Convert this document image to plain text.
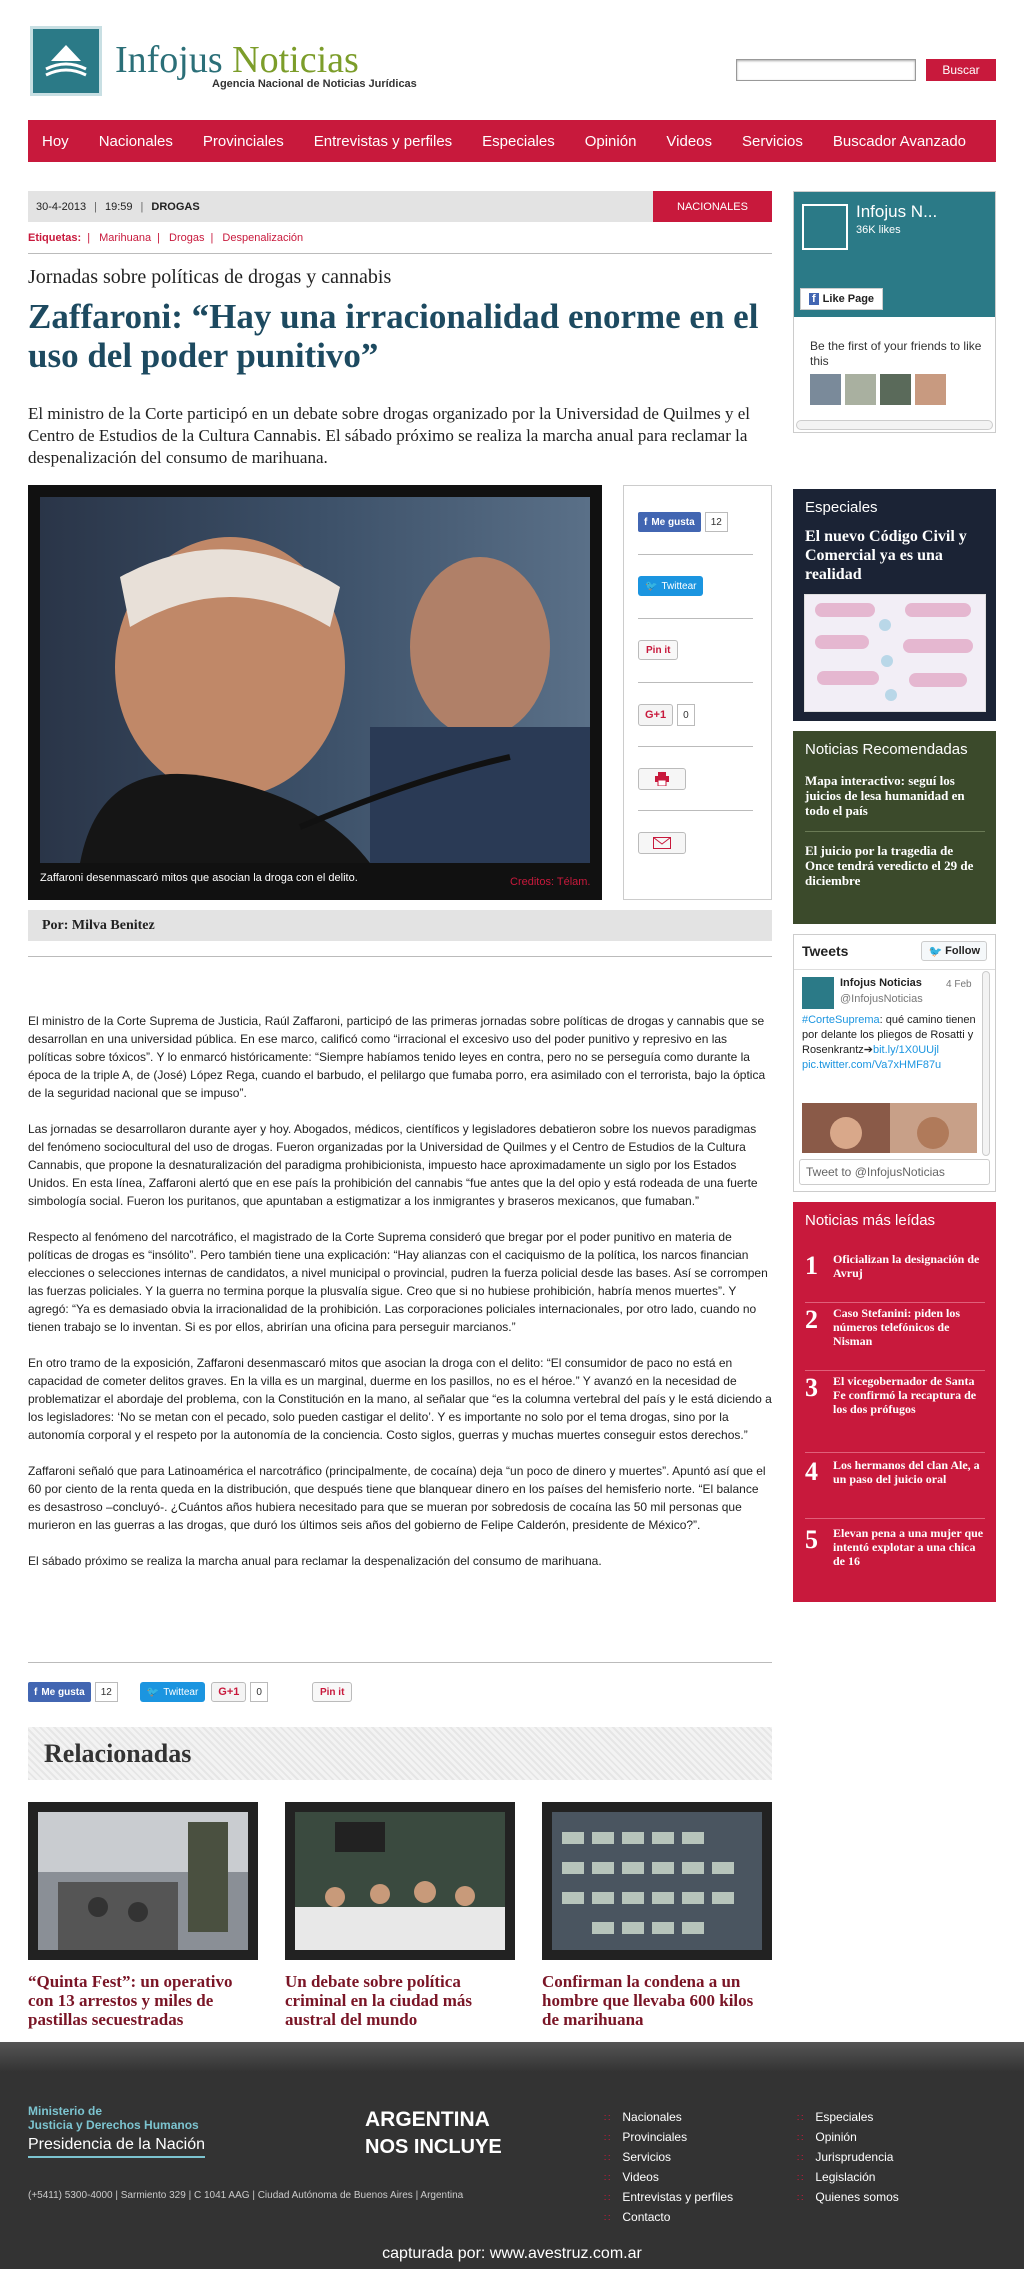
Infojus Noticias
Agencia Nacional de Noticias Jurídicas
Buscar
Hoy Nacionales Provinciales Entrevistas y perfiles Especiales Opinión Videos Servicios Buscador Avanzado
30-4-2013 | 19:59 | DROGAS	NACIONALES
Etiquetas: | Marihuana | Drogas | Despenalización
Jornadas sobre políticas de drogas y cannabis
Zaffaroni: “Hay una irracionalidad enorme en el uso del poder punitivo”
El ministro de la Corte participó en un debate sobre drogas organizado por la Universidad de Quilmes y el Centro de Estudios de la Cultura Cannabis. El sábado próximo se realiza la marcha anual para reclamar la despenalización del consumo de marihuana.
Zaffaroni desenmascaró mitos que asocian la droga con el delito.	Creditos: Télam.
f Me gusta	12
🐦 Twittear
Pin it
G+1	0
Por: Milva Benitez

El ministro de la Corte Suprema de Justicia, Raúl Zaffaroni, participó de las primeras jornadas sobre políticas de drogas y cannabis que se desarrollan en una universidad pública. En ese marco, calificó como “irracional el excesivo uso del poder punitivo y represivo en las políticas sobre tóxicos”. Y lo enmarcó históricamente: “Siempre habíamos tenido leyes en contra, pero no se perseguía como durante la época de la triple A, de (José) López Rega, cuando el barbudo, el pelilargo que fumaba porro, era asimilado con el terrorista, bajo la óptica de la seguridad nacional que se impuso”.

Las jornadas se desarrollaron durante ayer y hoy. Abogados, médicos, científicos y legisladores debatieron sobre los nuevos paradigmas del fenómeno sociocultural del uso de drogas. Fueron organizadas por la Universidad de Quilmes y el Centro de Estudios de la Cultura Cannabis, que propone la desnaturalización del paradigma prohibicionista, impuesto hace aproximadamente un siglo por los Estados Unidos. En esta línea, Zaffaroni alertó que en ese país la prohibición del cannabis “fue antes que la del opio y está rodeada de una fuerte simbología social. Fueron los puritanos, que apuntaban a estigmatizar a los inmigrantes y braseros mexicanos, que fumaban.”

Respecto al fenómeno del narcotráfico, el magistrado de la Corte Suprema consideró que bregar por el poder punitivo en materia de políticas de drogas es “insólito”. Pero también tiene una explicación: “Hay alianzas con el caciquismo de la política, los narcos financian elecciones o selecciones internas de candidatos, a nivel municipal o provincial, pudren la fuerza policial desde las bases. Así se corrompen las fuerzas policiales. Y la guerra no termina porque la plusvalía sigue. Creo que si no hubiese prohibición, habría menos muertes”. Y agregó: “Ya es demasiado obvia la irracionalidad de la prohibición. Las corporaciones policiales internacionales, por otro lado, cuando no tienen trabajo se lo inventan. Si es por ellos, abrirían una oficina para perseguir marcianos.”

En otro tramo de la exposición, Zaffaroni desenmascaró mitos que asocian la droga con el delito: “El consumidor de paco no está en capacidad de cometer delitos graves. En la villa es un marginal, duerme en los pasillos, no es el héroe.” Y avanzó en la necesidad de problematizar el abordaje del problema, con la Constitución en la mano, al señalar que “es la columna vertebral del país y le está diciendo a los legisladores: ‘No se metan con el pecado, solo pueden castigar el delito’. Y es importante no solo por el tema drogas, sino por la autonomía corporal y el respeto por la autonomía de la conciencia. Costo siglos, guerras y muchas muertes conseguir estos derechos.”

Zaffaroni señaló que para Latinoamérica el narcotráfico (principalmente, de cocaína) deja “un poco de dinero y muertes”. Apuntó así que el 60 por ciento de la renta queda en la distribución, que después tiene que blanquear dinero en los países del hemisferio norte. “El balance es desastroso –concluyó-. ¿Cuántos años hubiera necesitado para que se mueran por sobredosis de cocaína las 50 mil personas que murieron en las guerras a las drogas, que duró los últimos seis años del gobierno de Felipe Calderón, presidente de México?”.

El sábado próximo se realiza la marcha anual para reclamar la despenalización del consumo de marihuana.

f Me gusta	12	🐦 Twittear	G+1	0	Pin it
Relacionadas
“Quinta Fest”: un operativo con 13 arrestos y miles de pastillas secuestradas
Un debate sobre política criminal en la ciudad más austral del mundo
Confirman la condena a un hombre que llevaba 600 kilos de marihuana
Infojus N...
36K likes
f Like Page
Be the first of your friends to like this
Especiales
El nuevo Código Civil y Comercial ya es una realidad
Noticias Recomendadas
Mapa interactivo: seguí los juicios de lesa humanidad en todo el país
El juicio por la tragedia de Once tendrá veredicto el 29 de diciembre
Tweets	🐦 Follow
Infojus Noticias
@InfojusNoticias
4 Feb
#CorteSuprema: qué camino tienen por delante los pliegos de Rosatti y Rosenkrantz➔bit.ly/1X0UUjl
pic.twitter.com/Va7xHMF87u
Tweet to @InfojusNoticias
Noticias más leídas
1	Oficializan la designación de Avruj
2	Caso Stefanini: piden los números telefónicos de Nisman
3	El vicegobernador de Santa Fe confirmó la recaptura de los dos prófugos
4	Los hermanos del clan Ale, a un paso del juicio oral
5	Elevan pena a una mujer que intentó explotar a una chica de 16
Ministerio de
Justicia y Derechos Humanos
Presidencia de la Nación
ARGENTINA
NOS INCLUYE
(+5411) 5300-4000 | Sarmiento 329 | C 1041 AAG | Ciudad Autónoma de Buenos Aires | Argentina
∷ Nacionales
∷ Provinciales
∷ Servicios
∷ Videos
∷ Entrevistas y perfiles
∷ Contacto
∷ Especiales
∷ Opinión
∷ Jurisprudencia
∷ Legislación
∷ Quienes somos
capturada por: www.avestruz.com.ar
